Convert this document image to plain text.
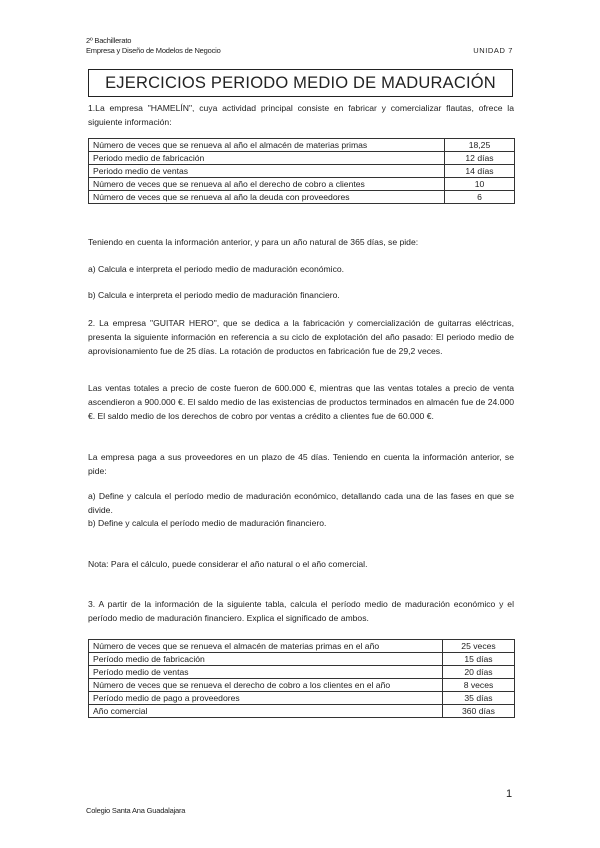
2º Bachillerato
Empresa y Diseño de Modelos de Negocio	UNIDAD 7
EJERCICIOS PERIODO MEDIO DE MADURACIÓN

1.La empresa "HAMELÍN", cuya actividad principal consiste en fabricar y comercializar flautas, ofrece la siguiente información:

Número de veces que se renueva al año el almacén de materias primas	18,25
Periodo medio de fabricación	12 días
Periodo medio de ventas	14 días
Número de veces que se renueva al año el derecho de cobro a clientes	10
Número de veces que se renueva al año la deuda con proveedores	6

Teniendo en cuenta la información anterior, y para un año natural de 365 días, se pide:

a) Calcula e interpreta el periodo medio de maduración económico.

b) Calcula e interpreta el periodo medio de maduración financiero.

2. La empresa "GUITAR HERO", que se dedica a la fabricación y comercialización de guitarras eléctricas, presenta la siguiente información en referencia a su ciclo de explotación del año pasado: El periodo medio de aprovisionamiento fue de 25 días. La rotación de productos en fabricación fue de 29,2 veces.

Las ventas totales a precio de coste fueron de 600.000 €, mientras que las ventas totales a precio de venta ascendieron a 900.000 €. El saldo medio de las existencias de productos terminados en almacén fue de 24.000 €. El saldo medio de los derechos de cobro por ventas a crédito a clientes fue de 60.000 €.

La empresa paga a sus proveedores en un plazo de 45 días. Teniendo en cuenta la información anterior, se pide:

a) Define y calcula el período medio de maduración económico, detallando cada una de las fases en que se divide.

b) Define y calcula el período medio de maduración financiero.

Nota: Para el cálculo, puede considerar el año natural o el año comercial.

3. A partir de la información de la siguiente tabla, calcula el período medio de maduración económico y el período medio de maduración financiero. Explica el significado de ambos.

Número de veces que se renueva el almacén de materias primas en el año	25 veces
Período medio de fabricación	15 días
Período medio de ventas	20 días
Número de veces que se renueva el derecho de cobro a los clientes en el año	8 veces
Período medio de pago a proveedores	35 días
Año comercial	360 días
1
Colegio Santa Ana Guadalajara
